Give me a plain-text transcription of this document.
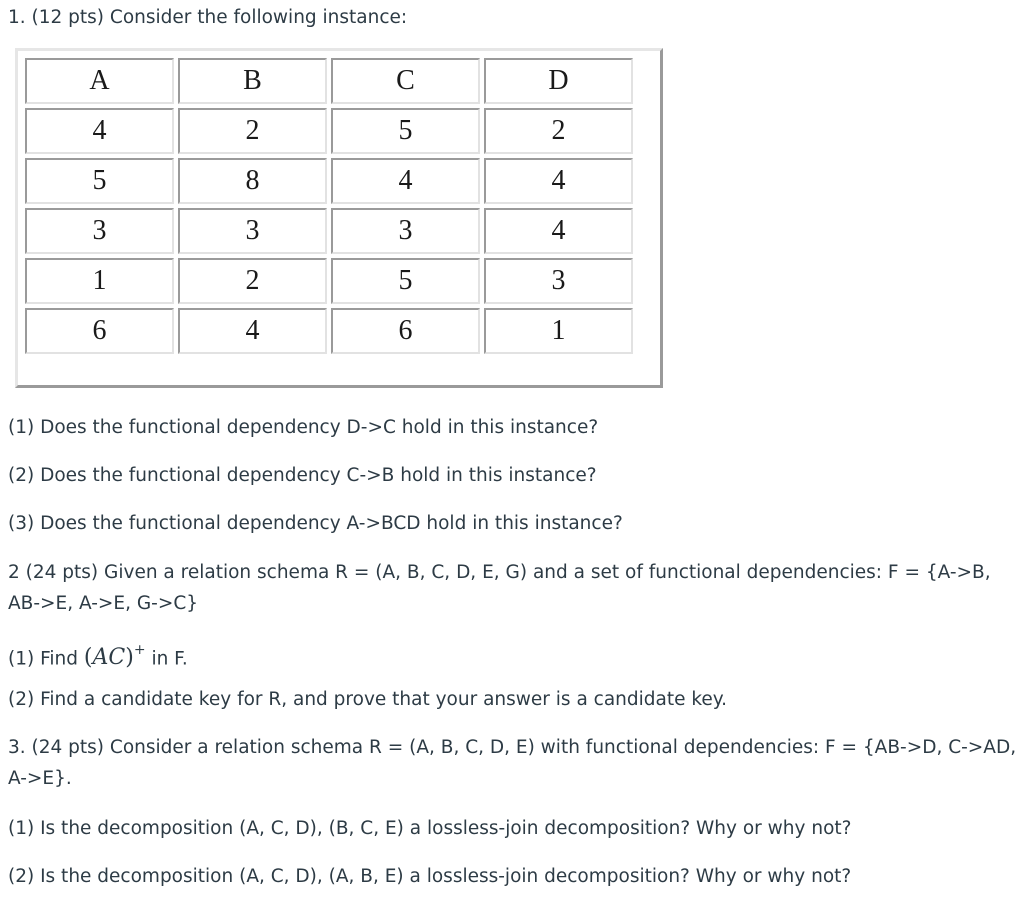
1. (12 pts) Consider the following instance:

A	B	C	D
4	2	5	2
5	8	4	4
3	3	3	4
1	2	5	3
6	4	6	1

(1) Does the functional dependency D->C hold in this instance?

(2) Does the functional dependency C->B hold in this instance?

(3) Does the functional dependency A->BCD hold in this instance?

2 (24 pts) Given a relation schema R = (A, B, C, D, E, G) and a set of functional dependencies: F = {A->B,

AB->E, A->E, G->C}

(1) Find (AC)+ in F.

(2) Find a candidate key for R, and prove that your answer is a candidate key.

3. (24 pts) Consider a relation schema R = (A, B, C, D, E) with functional dependencies: F = {AB->D, C->AD,

A->E}.

(1) Is the decomposition (A, C, D), (B, C, E) a lossless-join decomposition? Why or why not?

(2) Is the decomposition (A, C, D), (A, B, E) a lossless-join decomposition? Why or why not?
